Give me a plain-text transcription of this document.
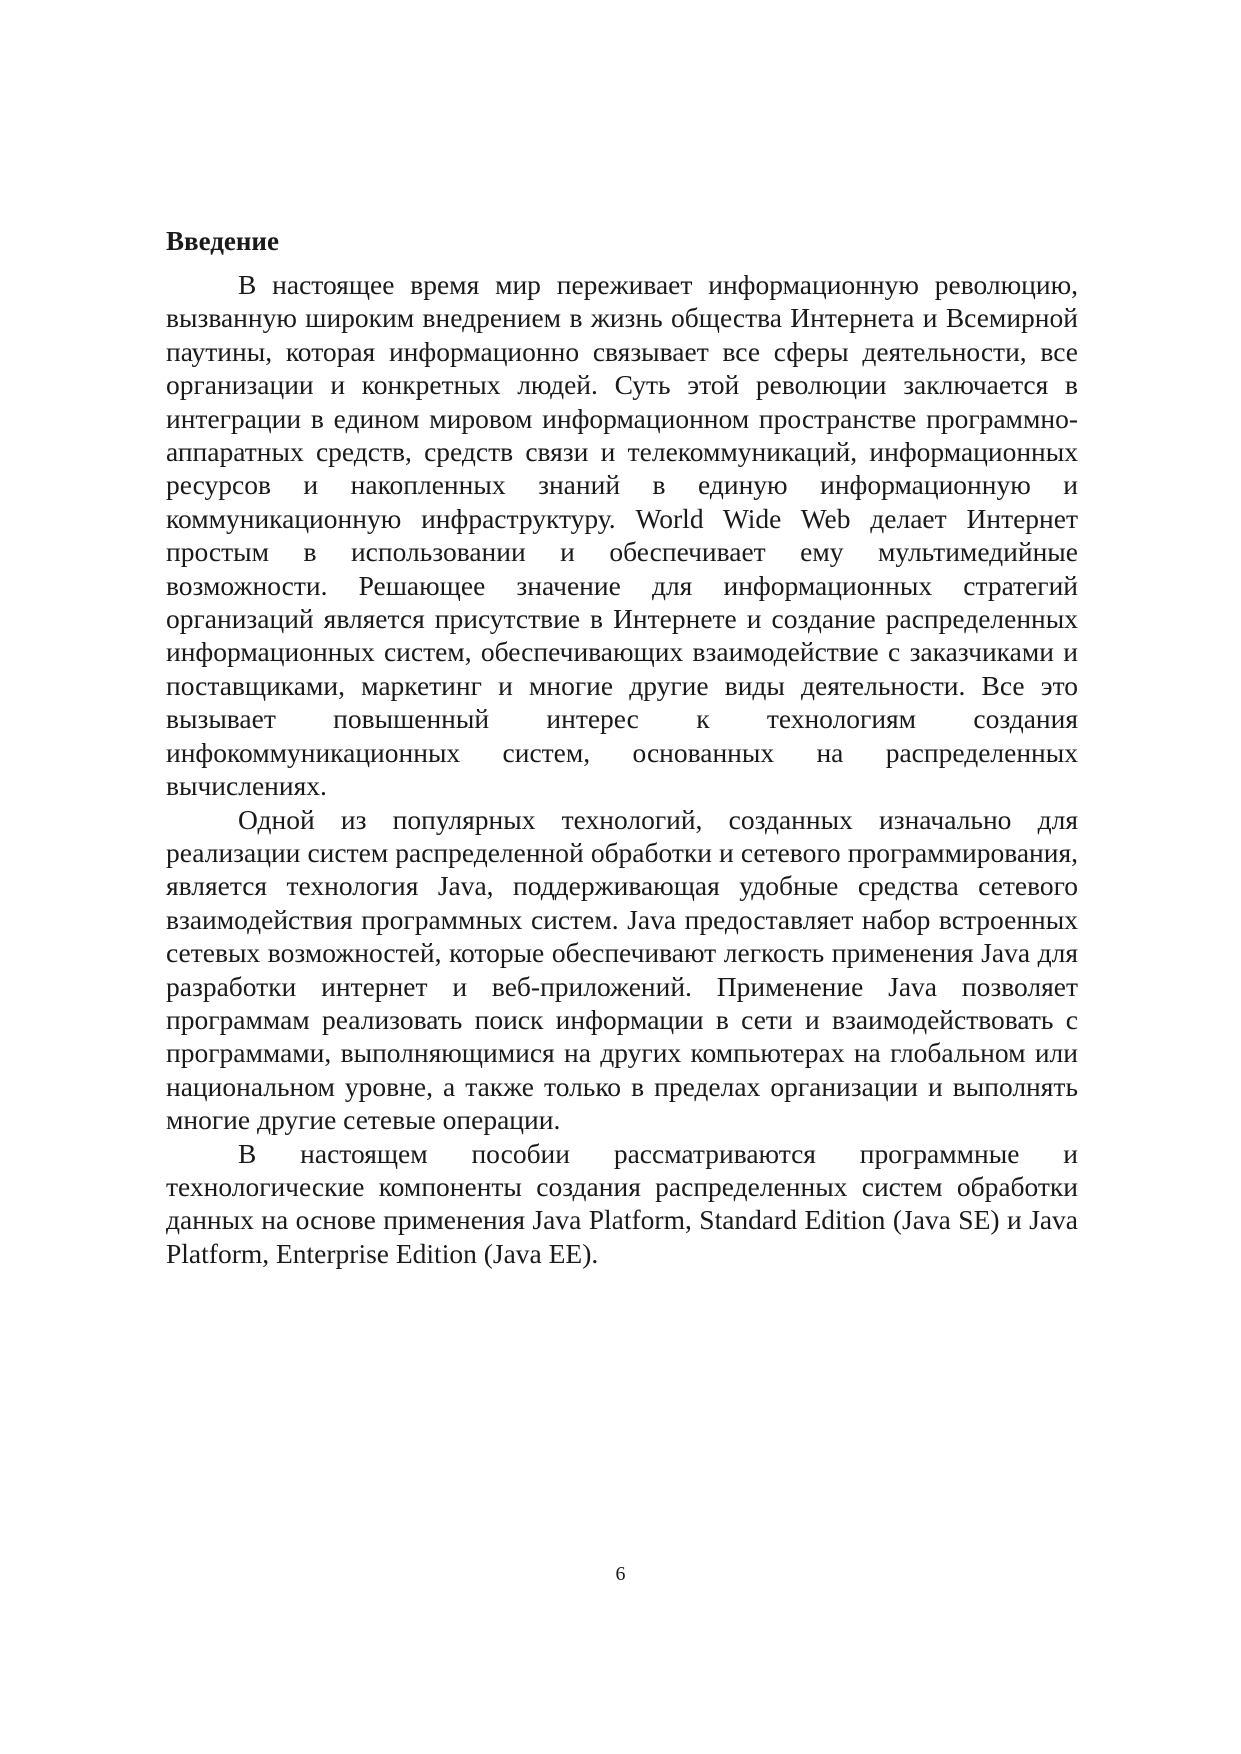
Введение

В настоящее время мир переживает информационную революцию, вызванную широким внедрением в жизнь общества Интернета и Всемирной паутины, которая информационно связывает все сферы деятельности, все организации и конкретных людей. Суть этой революции заключается в интеграции в едином мировом информационном пространстве программно-аппаратных средств, средств связи и телекоммуникаций, информационных ресурсов и накопленных знаний в единую информационную и коммуникационную инфраструктуру. World Wide Web делает Интернет простым в использовании и обеспечивает ему мультимедийные возможности. Решающее значение для информационных стратегий организаций является присутствие в Интернете и создание распределенных информационных систем, обеспечивающих взаимодействие с заказчиками и поставщиками, маркетинг и многие другие виды деятельности. Все это вызывает повышенный интерес к технологиям создания инфокоммуникационных систем, основанных на распределенных вычислениях.

Одной из популярных технологий, созданных изначально для реализации систем распределенной обработки и сетевого программирования, является технология Java, поддерживающая удобные средства сетевого взаимодействия программных систем. Java предоставляет набор встроенных сетевых возможностей, которые обеспечивают легкость применения Java для разработки интернет и веб-приложений. Применение Java позволяет программам реализовать поиск информации в сети и взаимодействовать с программами, выполняющимися на других компьютерах на глобальном или национальном уровне, а также только в пределах организации и выполнять многие другие сетевые операции.

В настоящем пособии рассматриваются программные и технологические компоненты создания распределенных систем обработки данных на основе применения Java Platform, Standard Edition (Java SE) и Java Platform, Enterprise Edition (Java EE).

6
